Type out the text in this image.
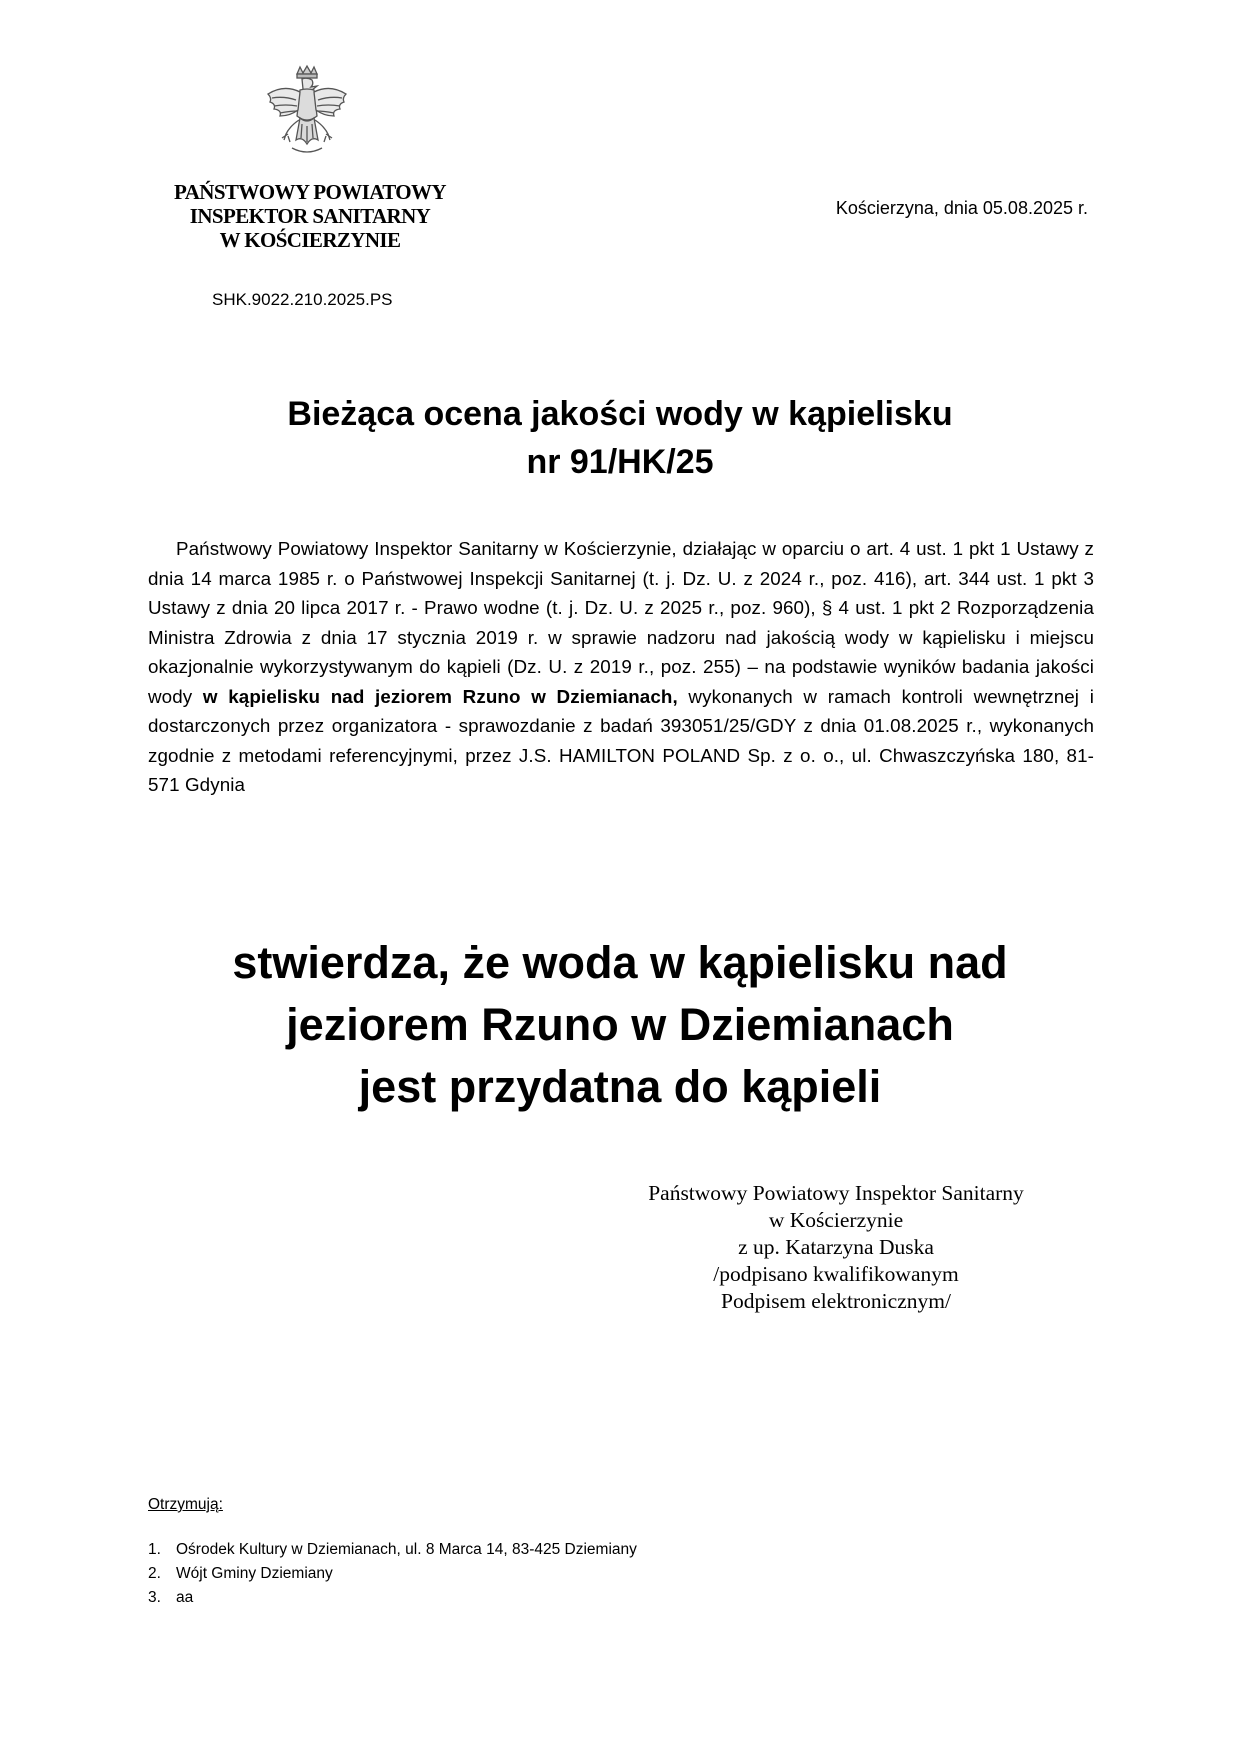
PAŃSTWOWY POWIATOWY
INSPEKTOR SANITARNY
W KOŚCIERZYNIE
Kościerzyna, dnia 05.08.2025 r.
SHK.9022.210.2025.PS
Bieżąca ocena jakości wody w kąpielisku
nr 91/HK/25

Państwowy Powiatowy Inspektor Sanitarny w Kościerzynie, działając w oparciu o art. 4 ust. 1 pkt 1 Ustawy z dnia 14 marca 1985 r. o Państwowej Inspekcji Sanitarnej (t. j. Dz. U. z 2024 r., poz. 416), art. 344 ust. 1 pkt 3 Ustawy z dnia 20 lipca 2017 r. - Prawo wodne (t. j. Dz. U. z 2025 r., poz. 960), § 4 ust. 1 pkt 2 Rozporządzenia Ministra Zdrowia z dnia 17 stycznia 2019 r. w sprawie nadzoru nad jakością wody w kąpielisku i miejscu okazjonalnie wykorzystywanym do kąpieli (Dz. U. z 2019 r., poz. 255) – na podstawie wyników badania jakości wody w kąpielisku nad jeziorem Rzuno w Dziemianach, wykonanych w ramach kontroli wewnętrznej i dostarczonych przez organizatora - sprawozdanie z badań 393051/25/GDY z dnia 01.08.2025 r., wykonanych zgodnie z metodami referencyjnymi, przez J.S. HAMILTON POLAND Sp. z o. o., ul. Chwaszczyńska 180, 81-571 Gdynia

stwierdza, że woda w kąpielisku nad
jeziorem Rzuno w Dziemianach
jest przydatna do kąpieli
Państwowy Powiatowy Inspektor Sanitarny
w Kościerzynie
z up. Katarzyna Duska
/podpisano kwalifikowanym
Podpisem elektronicznym/
Otrzymują:
1. Ośrodek Kultury w Dziemianach, ul. 8 Marca 14, 83-425 Dziemiany
2. Wójt Gminy Dziemiany
3. aa
